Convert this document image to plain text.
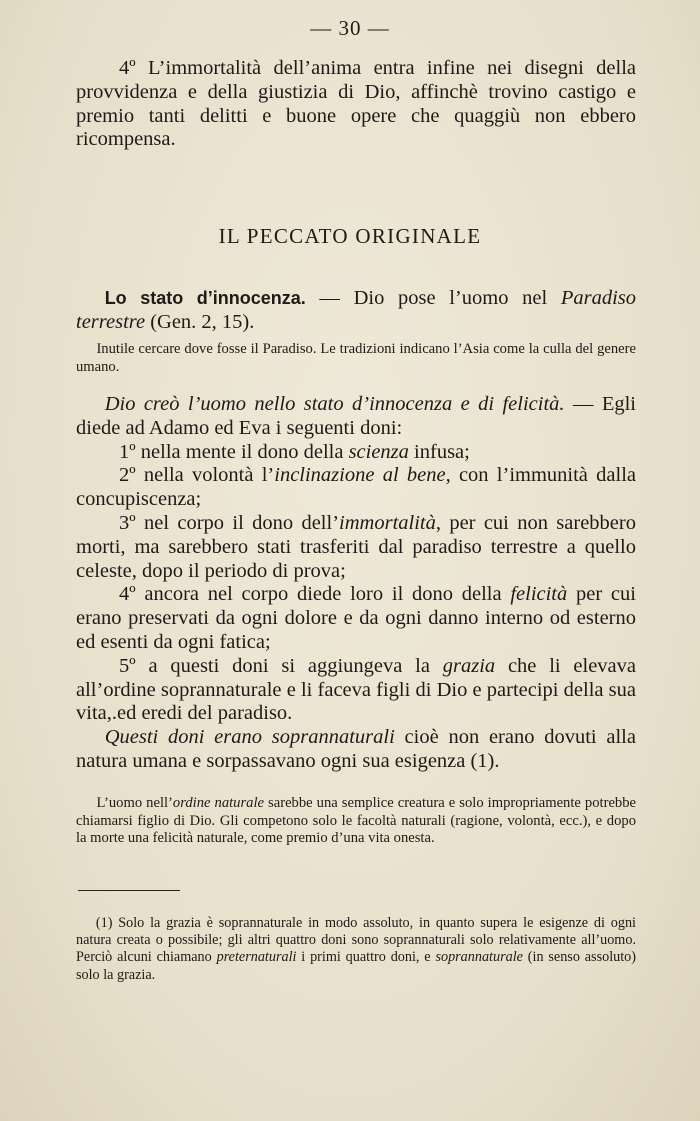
— 30 —

4º L’immortalità dell’anima entra infine nei disegni della provvidenza e della giustizia di Dio, affinchè trovino castigo e premio tanti delitti e buone opere che quaggiù non ebbero ricompensa.

IL PECCATO ORIGINALE

Lo stato d’innocenza. — Dio pose l’uomo nel Paradiso terrestre (Gen. 2, 15).

Inutile cercare dove fosse il Paradiso. Le tradizioni indicano l’Asia come la culla del genere umano.

Dio creò l’uomo nello stato d’innocenza e di felicità. — Egli diede ad Adamo ed Eva i seguenti doni:

1º nella mente il dono della scienza infusa;

2º nella volontà l’inclinazione al bene, con l’immunità dalla concupiscenza;

3º nel corpo il dono dell’immortalità, per cui non sarebbero morti, ma sarebbero stati trasferiti dal paradiso terrestre a quello celeste, dopo il periodo di prova;

4º ancora nel corpo diede loro il dono della felicità per cui erano preservati da ogni dolore e da ogni danno interno od esterno ed esenti da ogni fatica;

5º a questi doni si aggiungeva la grazia che li elevava all’ordine soprannaturale e li faceva figli di Dio e partecipi della sua vita,.ed eredi del paradiso.

Questi doni erano soprannaturali cioè non erano dovuti alla natura umana e sorpassavano ogni sua esigenza (1).

L’uomo nell’ordine naturale sarebbe una semplice creatura e solo impropriamente potrebbe chiamarsi figlio di Dio. Gli competono solo le facoltà naturali (ragione, volontà, ecc.), e dopo la morte una felicità naturale, come premio d’una vita onesta.

(1) Solo la grazia è soprannaturale in modo assoluto, in quanto supera le esigenze di ogni natura creata o possibile; gli altri quattro doni sono soprannaturali solo relativamente all’uomo. Perciò alcuni chiamano preternaturali i primi quattro doni, e soprannaturale (in senso assoluto) solo la grazia.
